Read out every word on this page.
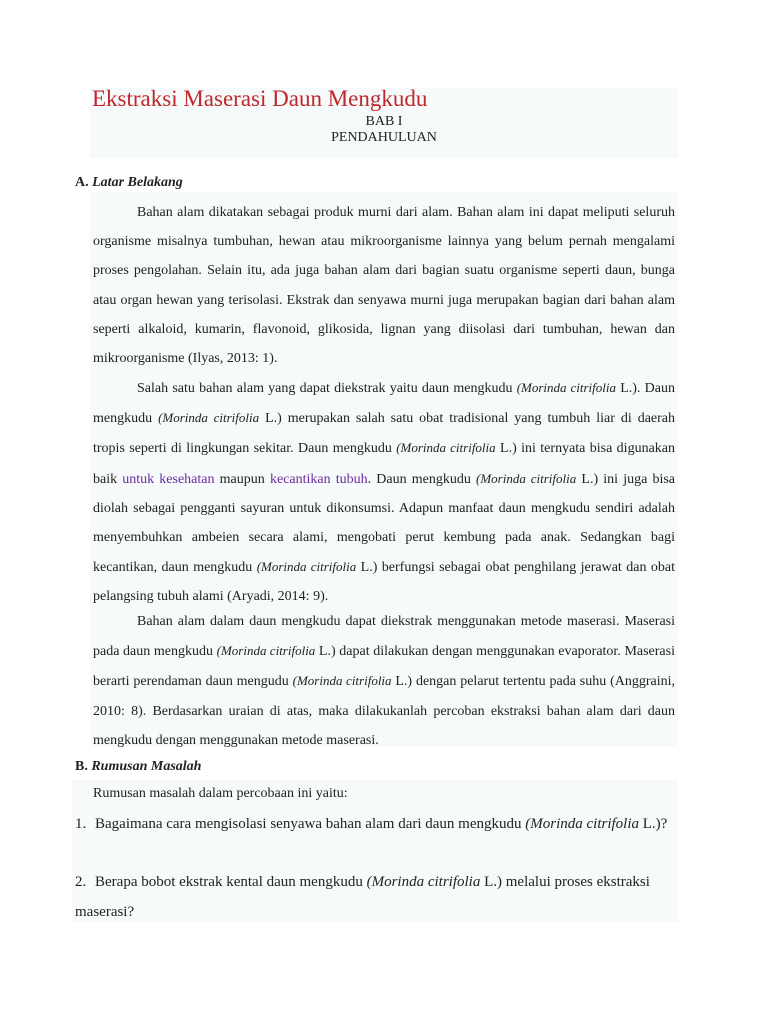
Ekstraksi Maserasi Daun Mengkudu
BAB I
PENDAHULUAN
A. Latar Belakang
Bahan alam dikatakan sebagai produk murni dari alam. Bahan alam ini dapat meliputi seluruh organisme misalnya tumbuhan, hewan atau mikroorganisme lainnya yang belum pernah mengalami proses pengolahan. Selain itu, ada juga bahan alam dari bagian suatu organisme seperti daun, bunga atau organ hewan yang terisolasi. Ekstrak dan senyawa murni juga merupakan bagian dari bahan alam seperti alkaloid, kumarin, flavonoid, glikosida, lignan yang diisolasi dari tumbuhan, hewan dan mikroorganisme (Ilyas, 2013: 1).
Salah satu bahan alam yang dapat diekstrak yaitu daun mengkudu (Morinda citrifolia L.). Daun mengkudu (Morinda citrifolia L.) merupakan salah satu obat tradisional yang tumbuh liar di daerah tropis seperti di lingkungan sekitar. Daun mengkudu (Morinda citrifolia L.) ini ternyata bisa digunakan baik untuk kesehatan maupun kecantikan tubuh. Daun mengkudu (Morinda citrifolia L.) ini juga bisa diolah sebagai pengganti sayuran untuk dikonsumsi. Adapun manfaat daun mengkudu sendiri adalah menyembuhkan ambeien secara alami, mengobati perut kembung pada anak. Sedangkan bagi kecantikan, daun mengkudu (Morinda citrifolia L.) berfungsi sebagai obat penghilang jerawat dan obat pelangsing tubuh alami (Aryadi, 2014: 9).
Bahan alam dalam daun mengkudu dapat diekstrak menggunakan metode maserasi. Maserasi pada daun mengkudu (Morinda citrifolia L.) dapat dilakukan dengan menggunakan evaporator. Maserasi berarti perendaman daun mengudu (Morinda citrifolia L.) dengan pelarut tertentu pada suhu (Anggraini, 2010: 8). Berdasarkan uraian di atas, maka dilakukanlah percoban ekstraksi bahan alam dari daun mengkudu dengan menggunakan metode maserasi.
B. Rumusan Masalah
Rumusan masalah dalam percobaan ini yaitu:
1. Bagaimana cara mengisolasi senyawa bahan alam dari daun mengkudu (Morinda citrifolia L.)?
2. Berapa bobot ekstrak kental daun mengkudu (Morinda citrifolia L.) melalui proses ekstraksi maserasi?
